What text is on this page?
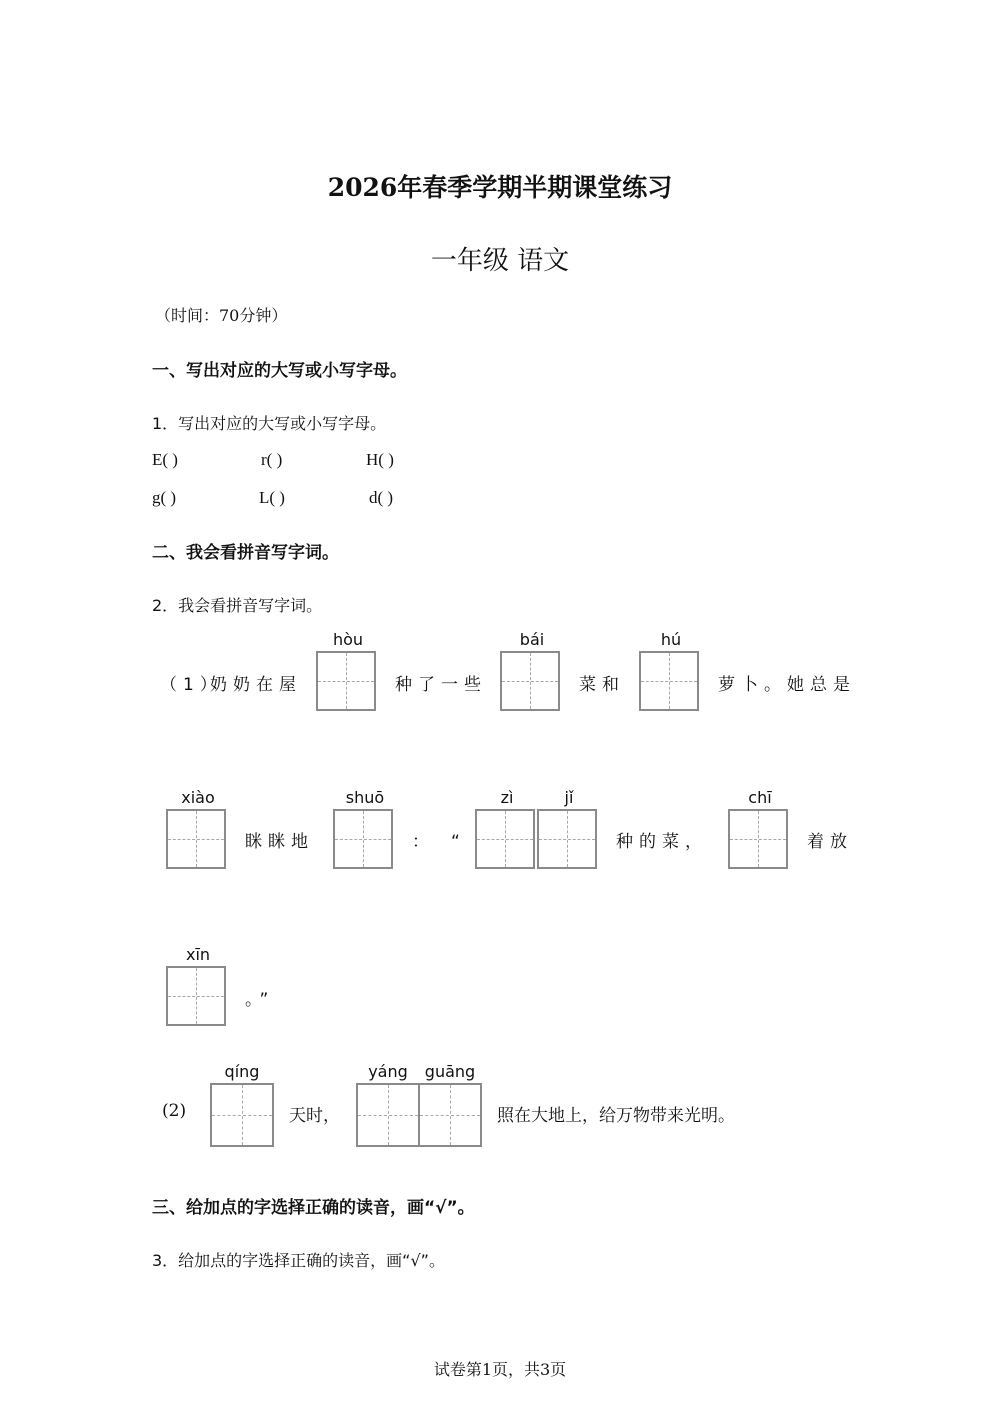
2026年春季学期半期课堂练习
一年级 语文
（时间：70分钟）
一、写出对应的大写或小写字母。
1．写出对应的大写或小写字母。
E( )	r( )	H( )
g( )	L( )	d( )
二、我会看拼音写字词。
2．我会看拼音写字词。
（1）
奶奶在屋
hòu
种了一些
bái
菜和
hú
萝卜。她总是
xiào
眯眯地
shuō
：“
zì	jǐ
种的菜，
chī
着放
xīn
。”
(2)
qíng
天时，
yáng	guāng
照在大地上，给万物带来光明。
三、给加点的字选择正确的读音，画“√”。
3．给加点的字选择正确的读音，画“√”。
试卷第1页，共3页
